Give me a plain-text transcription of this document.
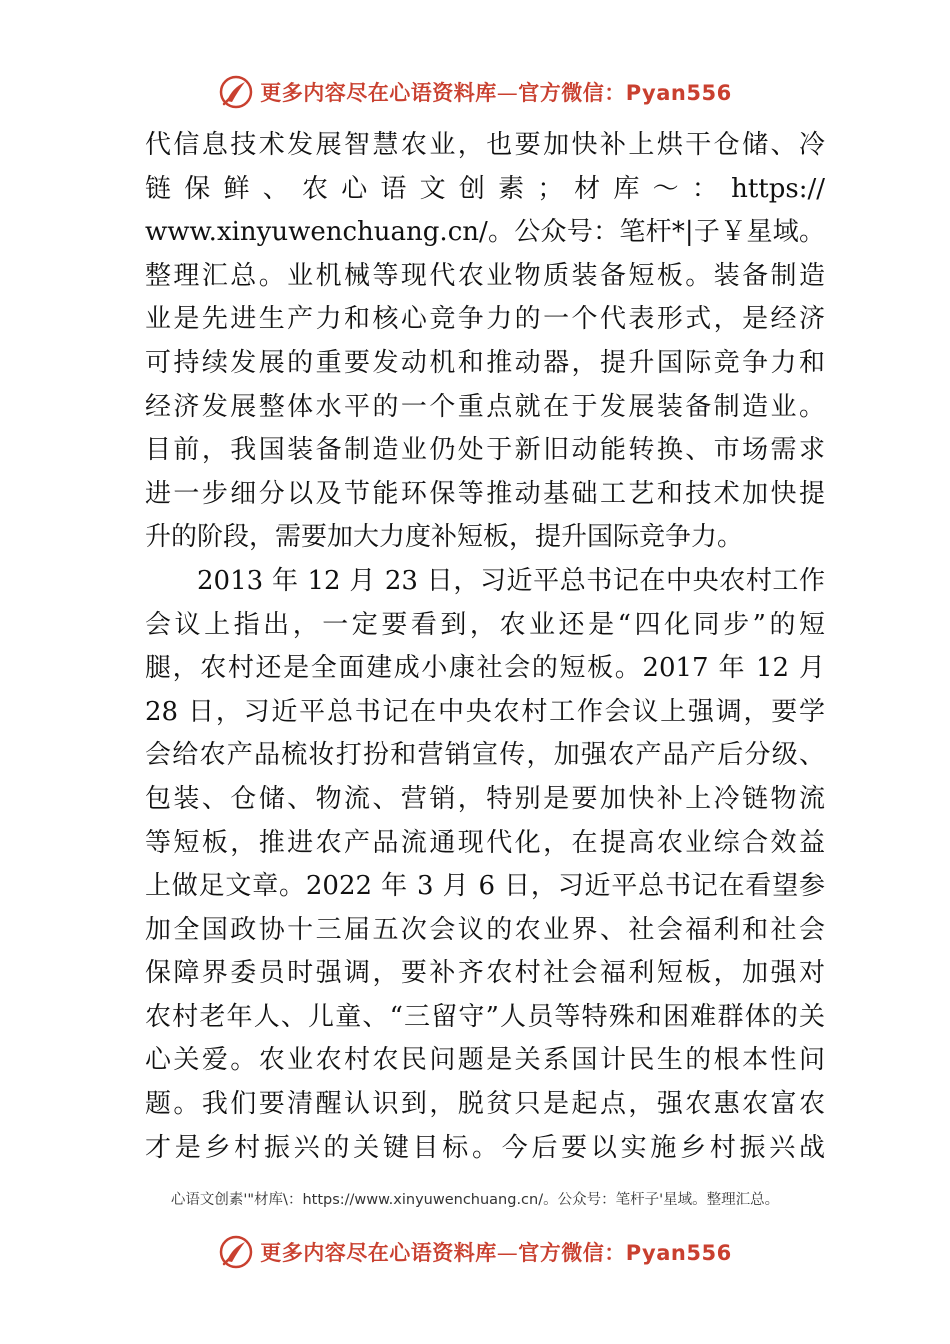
更多内容尽在心语资料库—官方微信：Pyan556
代信息技术发展智慧农业，也要加快补上烘干仓储、冷
链 保 鲜 、 农 心 语 文 创 素 ； 材 库 ～ ： https://
www.xinyuwenchuang.cn/。公众号：笔杆*|子￥星域。
整理汇总。业机械等现代农业物质装备短板。装备制造
业是先进生产力和核心竞争力的一个代表形式，是经济
可持续发展的重要发动机和推动器，提升国际竞争力和
经济发展整体水平的一个重点就在于发展装备制造业。
目前，我国装备制造业仍处于新旧动能转换、市场需求
进一步细分以及节能环保等推动基础工艺和技术加快提
升的阶段，需要加大力度补短板，提升国际竞争力。
2013 年 12 月 23 日，习近平总书记在中央农村工作
会议上指出，一定要看到，农业还是“四化同步”的短
腿，农村还是全面建成小康社会的短板。2017 年 12 月
28 日，习近平总书记在中央农村工作会议上强调，要学
会给农产品梳妆打扮和营销宣传，加强农产品产后分级、
包装、仓储、物流、营销，特别是要加快补上冷链物流
等短板，推进农产品流通现代化，在提高农业综合效益
上做足文章。2022 年 3 月 6 日，习近平总书记在看望参
加全国政协十三届五次会议的农业界、社会福利和社会
保障界委员时强调，要补齐农村社会福利短板，加强对
农村老年人、儿童、“三留守”人员等特殊和困难群体的关
心关爱。农业农村农民问题是关系国计民生的根本性问
题。我们要清醒认识到，脱贫只是起点，强农惠农富农
才是乡村振兴的关键目标。今后要以实施乡村振兴战
心语文创素'"材库\：https://www.xinyuwenchuang.cn/。公众号：笔杆子'星域。整理汇总。
更多内容尽在心语资料库—官方微信：Pyan556
